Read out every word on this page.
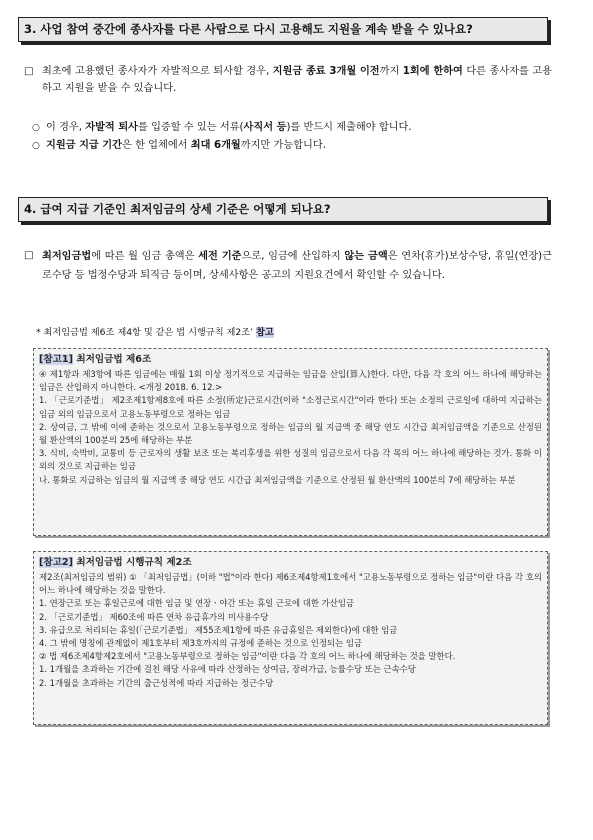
3. 사업 참여 중간에 종사자를 다른 사람으로 다시 고용해도 지원을 계속 받을 수 있나요?
□ 최초에 고용했던 종사자가 자발적으로 퇴사할 경우, 지원금 종료 3개월 이전까지 1회에 한하여 다른 종사자를 고용하고 지원을 받을 수 있습니다.
○ 이 경우, 자발적 퇴사를 입증할 수 있는 서류(사직서 등)를 반드시 제출해야 합니다.
○ 지원금 지급 기간은 한 업체에서 최대 6개월까지만 가능합니다.
4. 급여 지급 기준인 최저임금의 상세 기준은 어떻게 되나요?
□ 최저임금법에 따른 월 임금 총액은 세전 기준으로, 임금에 산입하지 않는 금액은 연차(휴가)보상수당, 휴일(연장)근로수당 등 법정수당과 퇴직금 등이며, 상세사항은 공고의 지원요건에서 확인할 수 있습니다.
* 최저임금법 제6조 제4항 및 같은 법 시행규칙 제2조’ 참고
[참고1] 최저임금법 제6조
④ 제1항과 제3항에 따른 임금에는 매월 1회 이상 정기적으로 지급하는 임금을 산입(算入)한다. 다만, 다음 각 호의 어느 하나에 해당하는 임금은 산입하지 아니한다. <개정 2018. 6. 12.>
1. 「근로기준법」 제2조제1항제8호에 따른 소정(所定)근로시간(이하 "소정근로시간"이라 한다) 또는 소정의 근로일에 대하여 지급하는 임금 외의 임금으로서 고용노동부령으로 정하는 임금
2. 상여금, 그 밖에 이에 준하는 것으로서 고용노동부령으로 정하는 임금의 월 지급액 중 해당 연도 시간급 최저임금액을 기준으로 산정된 월 환산액의 100분의 25에 해당하는 부분
3. 식비, 숙박비, 교통비 등 근로자의 생활 보조 또는 복리후생을 위한 성질의 임금으로서 다음 각 목의 어느 하나에 해당하는 것가. 통화 이외의 것으로 지급하는 임금
나. 통화로 지급하는 임금의 월 지급액 중 해당 연도 시간급 최저임금액을 기준으로 산정된 월 환산액의 100분의 7에 해당하는 부분
[참고2] 최저임금법 시행규칙 제2조
제2조(최저임금의 범위) ① 「최저임금법」(이하 "법"이라 한다) 제6조제4항제1호에서 "고용노동부령으로 정하는 임금"이란 다음 각 호의 어느 하나에 해당하는 것을 말한다.
1. 연장근로 또는 휴일근로에 대한 임금 및 연장ㆍ야간 또는 휴일 근로에 대한 가산임금
2. 「근로기준법」 제60조에 따른 연차 유급휴가의 미사용수당
3. 유급으로 처리되는 휴일(「근로기준법」 제55조제1항에 따른 유급휴일은 제외한다)에 대한 임금
4. 그 밖에 명칭에 관계없이 제1호부터 제3호까지의 규정에 준하는 것으로 인정되는 임금
② 법 제6조제4항제2호에서 "고용노동부령으로 정하는 임금"이란 다음 각 호의 어느 하나에 해당하는 것을 말한다.
1. 1개월을 초과하는 기간에 걸친 해당 사유에 따라 산정하는 상여금, 장려가급, 능률수당 또는 근속수당
2. 1개월을 초과하는 기간의 출근성적에 따라 지급하는 정근수당
